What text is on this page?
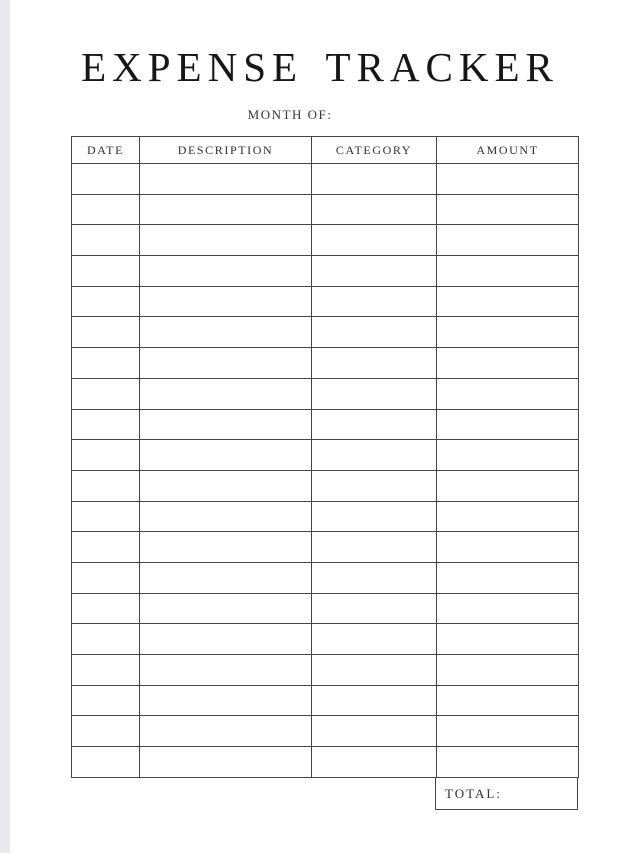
EXPENSE TRACKER
MONTH OF:
DATE	DESCRIPTION	CATEGORY	AMOUNT

TOTAL:
